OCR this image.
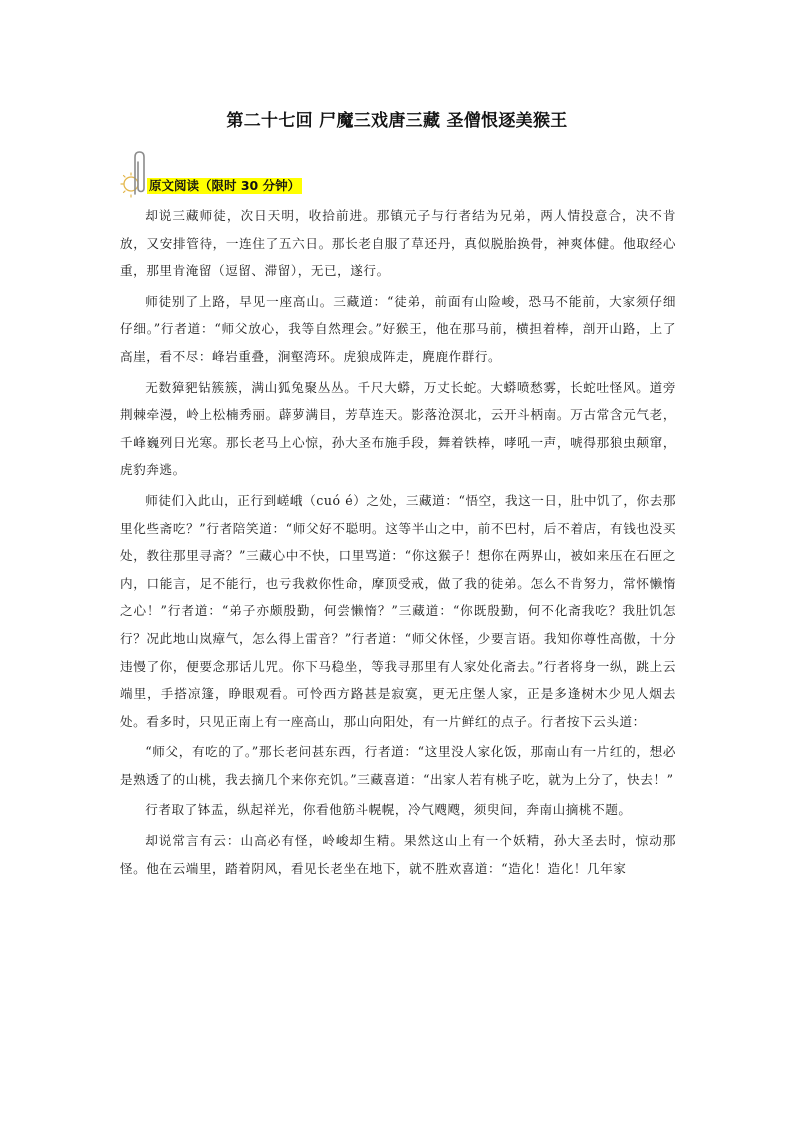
第二十七回 尸魔三戏唐三藏 圣僧恨逐美猴王
原文阅读（限时 30 分钟）

却说三藏师徒，次日天明，收拾前进。那镇元子与行者结为兄弟，两人情投意合，决不肯放，又安排管待，一连住了五六日。那长老自服了草还丹，真似脱胎换骨，神爽体健。他取经心重，那里肯淹留（逗留、滞留），无已，遂行。

师徒别了上路，早见一座高山。三藏道：“徒弟，前面有山险峻，恐马不能前，大家须仔细仔细。”行者道：“师父放心，我等自然理会。”好猴王，他在那马前，横担着棒，剖开山路，上了高崖，看不尽：峰岩重叠，涧壑湾环。虎狼成阵走，麂鹿作群行。

无数獐豝钻簇簇，满山狐兔聚丛丛。千尺大蟒，万丈长蛇。大蟒喷愁雾，长蛇吐怪风。道旁荆棘牵漫，岭上松楠秀丽。薜萝满目，芳草连天。影落沧溟北，云开斗柄南。万古常含元气老，千峰巍列日光寒。那长老马上心惊，孙大圣布施手段，舞着铁棒，哮吼一声，唬得那狼虫颠窜，虎豹奔逃。

师徒们入此山，正行到嵯峨（cuó é）之处，三藏道：“悟空，我这一日，肚中饥了，你去那里化些斋吃？”行者陪笑道：“师父好不聪明。这等半山之中，前不巴村，后不着店，有钱也没买处，教往那里寻斋？”三藏心中不快，口里骂道：“你这猴子！想你在两界山，被如来压在石匣之内，口能言，足不能行，也亏我救你性命，摩顶受戒，做了我的徒弟。怎么不肯努力，常怀懒惰之心！”行者道：“弟子亦颇殷勤，何尝懒惰？”三藏道：“你既殷勤，何不化斋我吃？我肚饥怎行？况此地山岚瘴气，怎么得上雷音？”行者道：“师父休怪，少要言语。我知你尊性高傲，十分违慢了你，便要念那话儿咒。你下马稳坐，等我寻那里有人家处化斋去。”行者将身一纵，跳上云端里，手搭凉篷，睁眼观看。可怜西方路甚是寂寞，更无庄堡人家，正是多逢树木少见人烟去处。看多时，只见正南上有一座高山，那山向阳处，有一片鲜红的点子。行者按下云头道：

“师父，有吃的了。”那长老问甚东西，行者道：“这里没人家化饭，那南山有一片红的，想必是熟透了的山桃，我去摘几个来你充饥。”三藏喜道：“出家人若有桃子吃，就为上分了，快去！”

行者取了钵盂，纵起祥光，你看他筋斗幌幌，冷气飕飕，须臾间，奔南山摘桃不题。

却说常言有云：山高必有怪，岭峻却生精。果然这山上有一个妖精，孙大圣去时，惊动那怪。他在云端里，踏着阴风，看见长老坐在地下，就不胜欢喜道：“造化！造化！几年家
